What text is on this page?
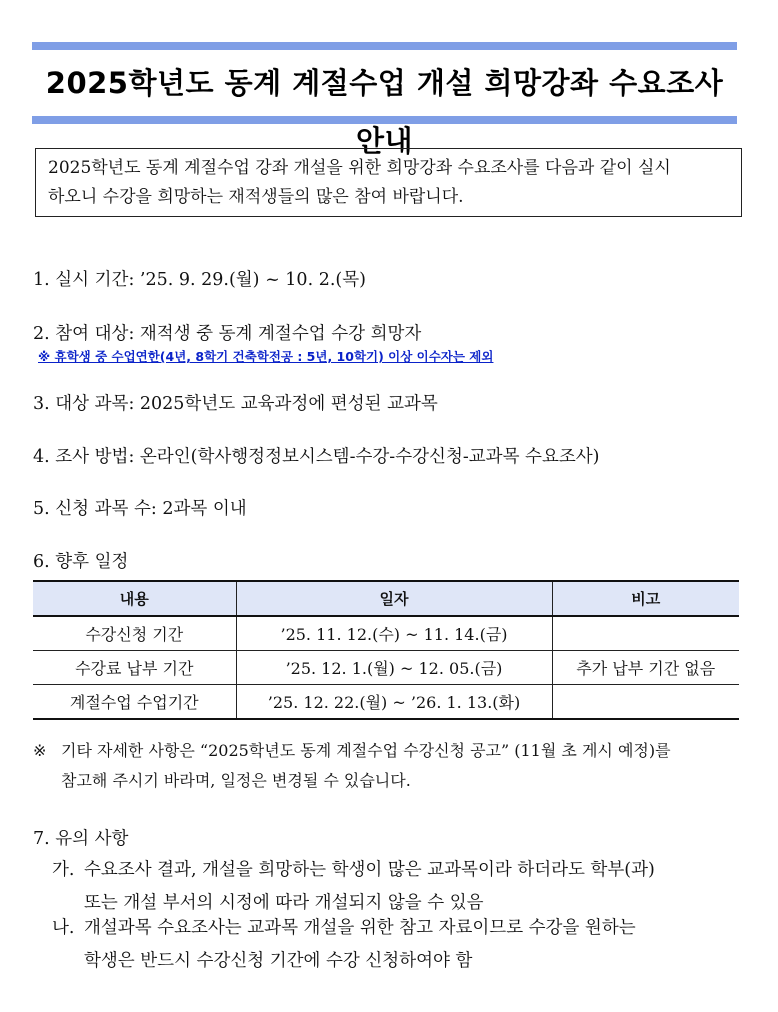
2025학년도 동계 계절수업 개설 희망강좌 수요조사 안내
2025학년도 동계 계절수업 강좌 개설을 위한 희망강좌 수요조사를 다음과 같이 실시
하오니 수강을 희망하는 재적생들의 많은 참여 바랍니다.
1. 실시 기간: ’25. 9. 29.(월) ~ 10. 2.(목)
2. 참여 대상: 재적생 중 동계 계절수업 수강 희망자
※ 휴학생 중 수업연한(4년, 8학기 건축학전공 : 5년, 10학기) 이상 이수자는 제외
3. 대상 과목: 2025학년도 교육과정에 편성된 교과목
4. 조사 방법: 온라인(학사행정정보시스템-수강-수강신청-교과목 수요조사)
5. 신청 과목 수: 2과목 이내
6. 향후 일정
내용	일자	비고
수강신청 기간	’25. 11. 12.(수) ~ 11. 14.(금)	
수강료 납부 기간	’25. 12. 1.(월) ~ 12. 05.(금)	추가 납부 기간 없음
계절수업 수업기간	’25. 12. 22.(월) ~ ’26. 1. 13.(화)	
※ 기타 자세한 사항은 “2025학년도 동계 계절수업 수강신청 공고” (11월 초 게시 예정)를
참고해 주시기 바라며, 일정은 변경될 수 있습니다.
7. 유의 사항
가. 수요조사 결과, 개설을 희망하는 학생이 많은 교과목이라 하더라도 학부(과)
또는 개설 부서의 시정에 따라 개설되지 않을 수 있음
나. 개설과목 수요조사는 교과목 개설을 위한 참고 자료이므로 수강을 원하는
학생은 반드시 수강신청 기간에 수강 신청하여야 함
